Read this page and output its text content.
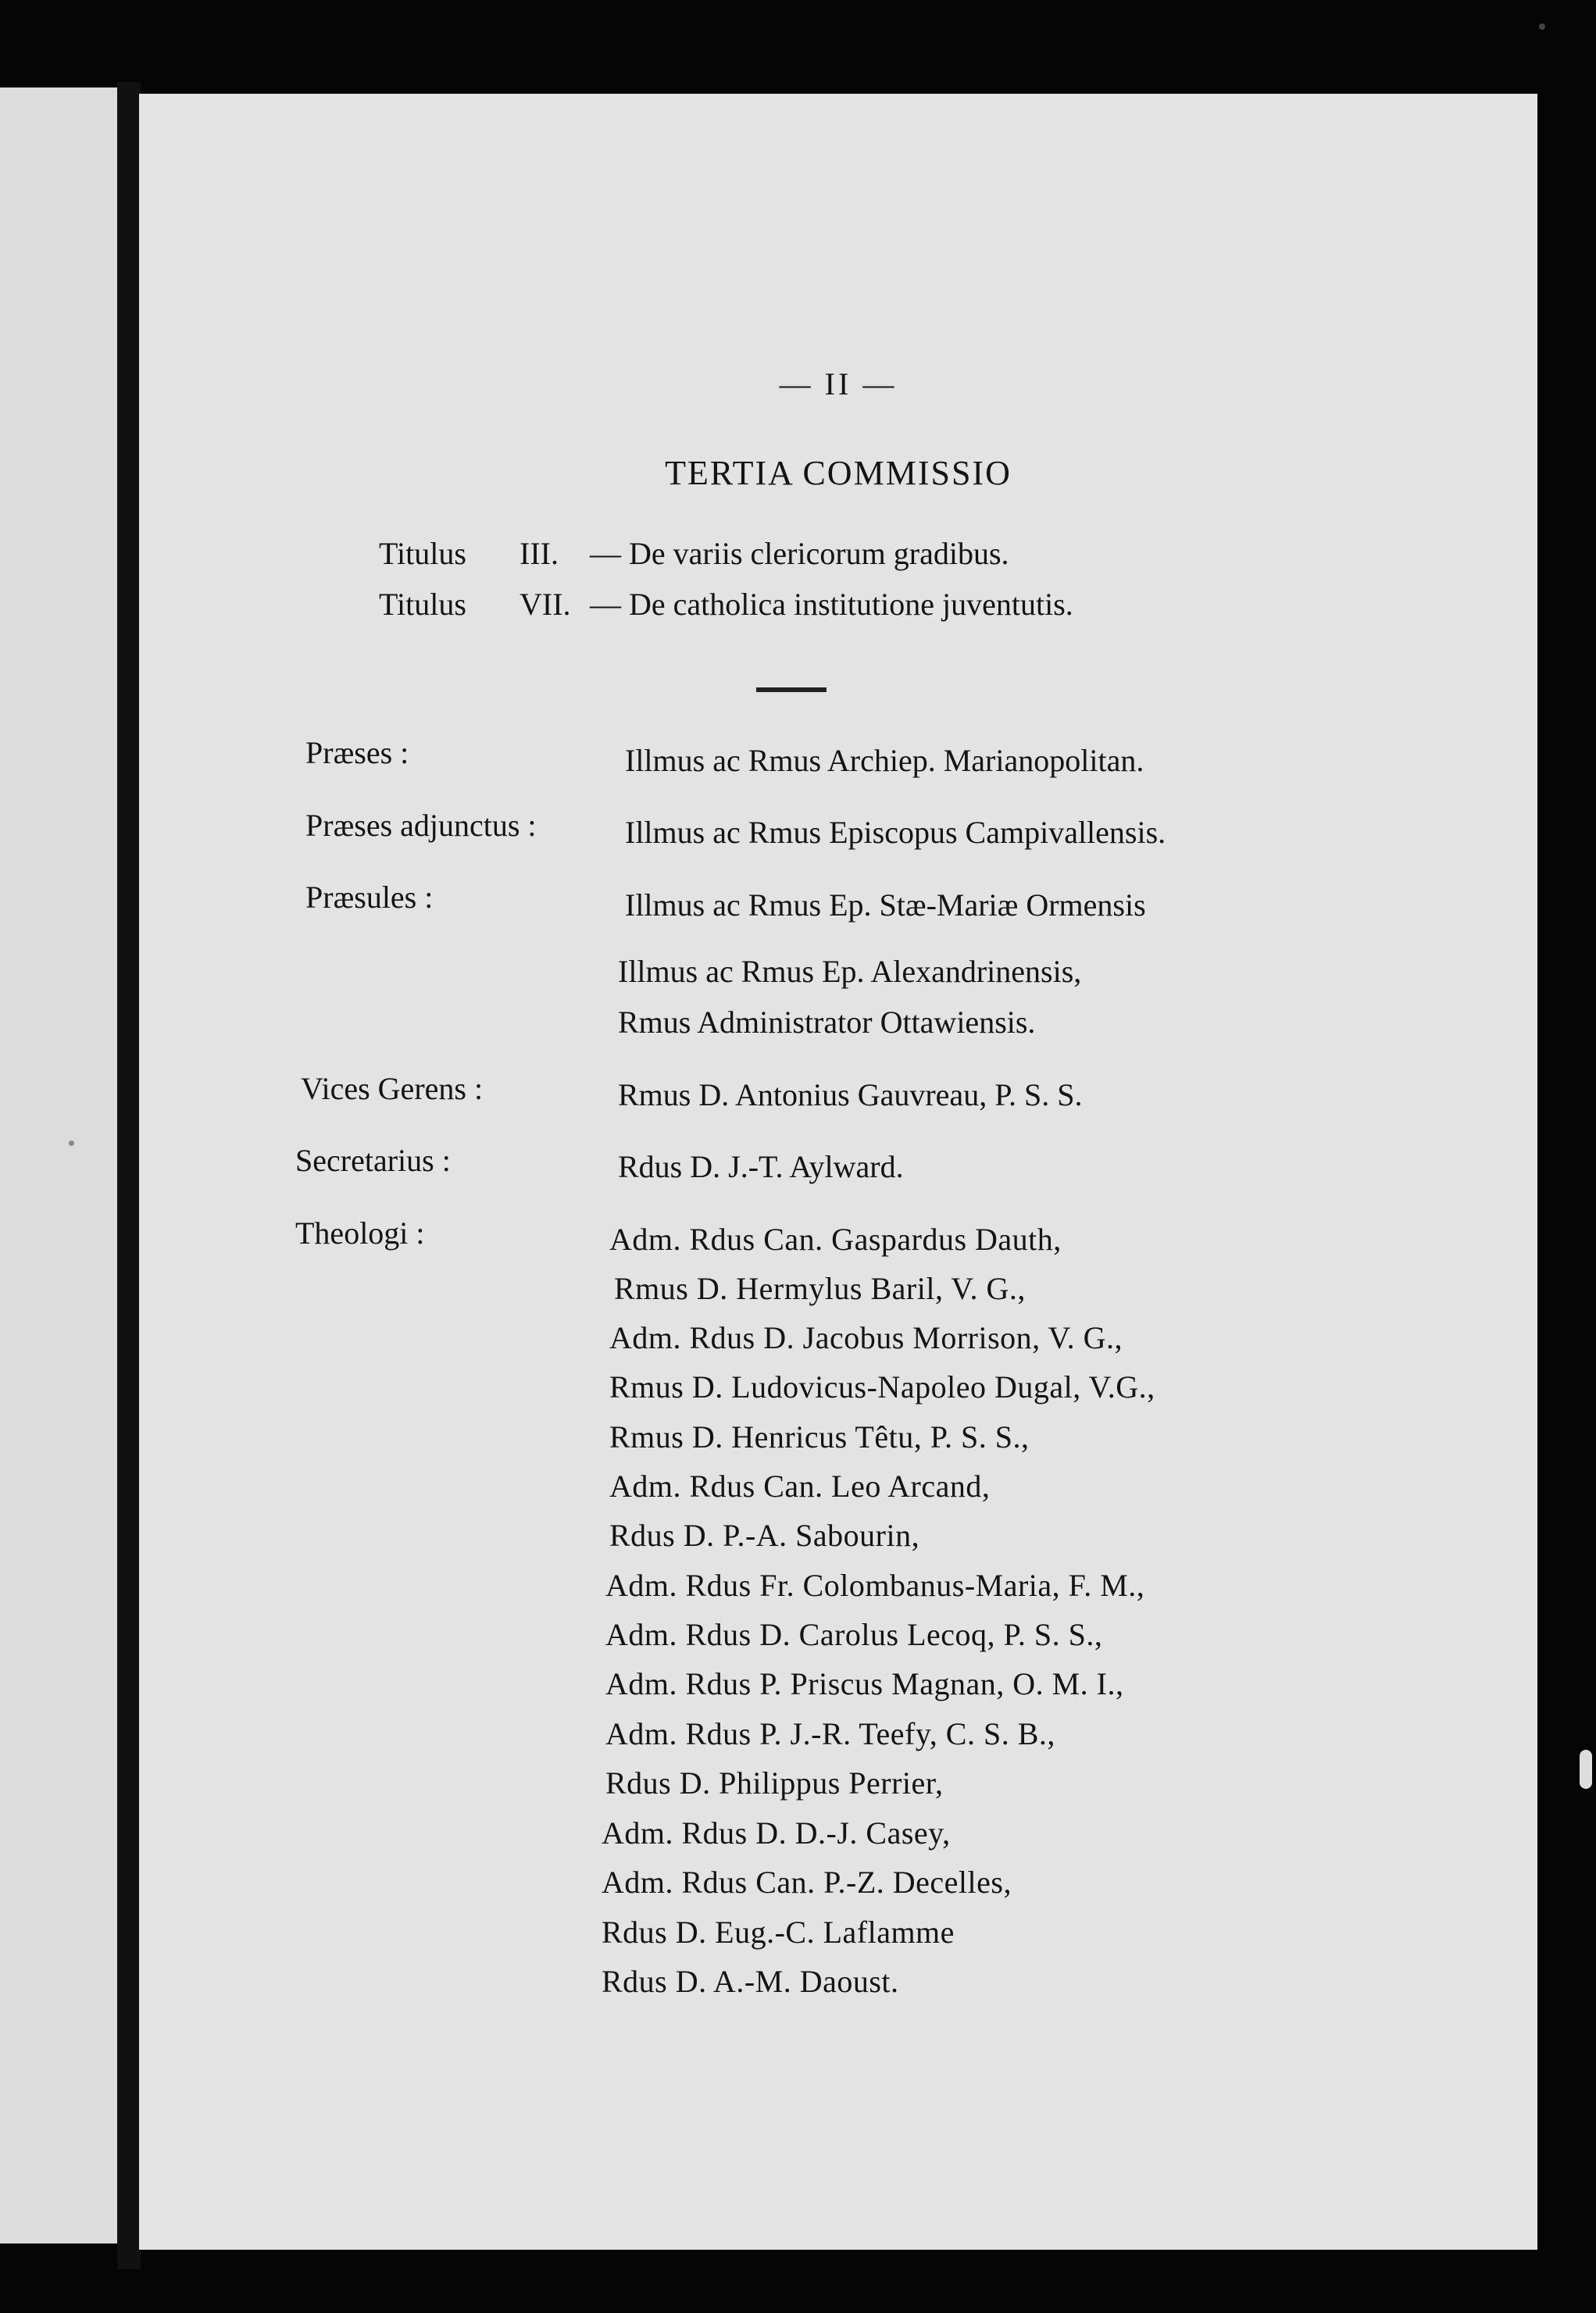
— II —
TERTIA COMMISSIO
Titulus III. — De variis clericorum gradibus.
Titulus VII. — De catholica institutione juventutis.
Præses :	Illmus ac Rmus Archiep. Marianopolitan.
Præses adjunctus :	Illmus ac Rmus Episcopus Campivallensis.
Præsules :	Illmus ac Rmus Ep. Stæ-Mariæ Ormensis
Illmus ac Rmus Ep. Alexandrinensis,
Rmus Administrator Ottawiensis.
Vices Gerens :	Rmus D. Antonius Gauvreau, P. S. S.
Secretarius :	Rdus D. J.-T. Aylward.
Theologi :	Adm. Rdus Can. Gaspardus Dauth,
Rmus D. Hermylus Baril, V. G.,
Adm. Rdus D. Jacobus Morrison, V. G.,
Rmus D. Ludovicus-Napoleo Dugal, V.G.,
Rmus D. Henricus Têtu, P. S. S.,
Adm. Rdus Can. Leo Arcand,
Rdus D. P.-A. Sabourin,
Adm. Rdus Fr. Colombanus-Maria, F. M.,
Adm. Rdus D. Carolus Lecoq, P. S. S.,
Adm. Rdus P. Priscus Magnan, O. M. I.,
Adm. Rdus P. J.-R. Teefy, C. S. B.,
Rdus D. Philippus Perrier,
Adm. Rdus D. D.-J. Casey,
Adm. Rdus Can. P.-Z. Decelles,
Rdus D. Eug.-C. Laflamme
Rdus D. A.-M. Daoust.
